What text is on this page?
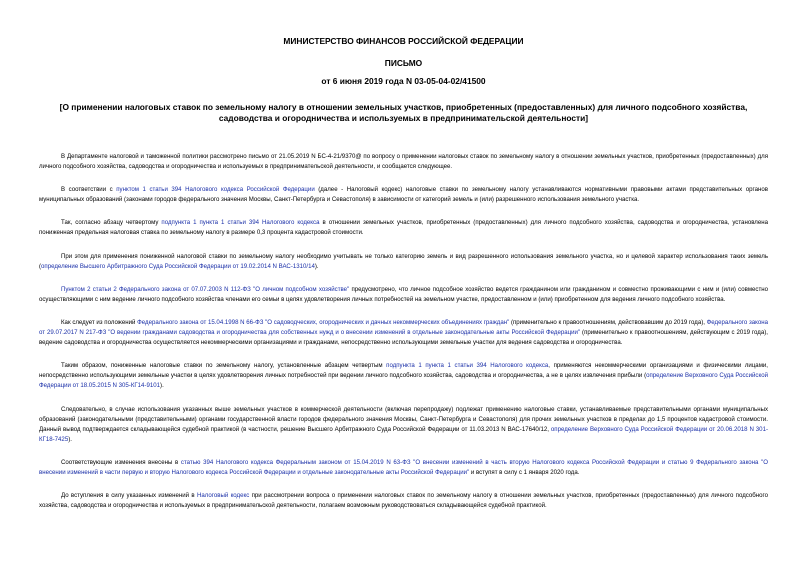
МИНИСТЕРСТВО ФИНАНСОВ РОССИЙСКОЙ ФЕДЕРАЦИИ
ПИСЬМО
от 6 июня 2019 года N 03-05-04-02/41500
[О применении налоговых ставок по земельному налогу в отношении земельных участков, приобретенных (предоставленных) для личного подсобного хозяйства, садоводства и огородничества и используемых в предпринимательской деятельности]

В Департаменте налоговой и таможенной политики рассмотрено письмо от 21.05.2019 N БС-4-21/9370@ по вопросу о применении налоговых ставок по земельному налогу в отношении земельных участков, приобретенных (предоставленных) для личного подсобного хозяйства, садоводства и огородничества и используемых в предпринимательской деятельности, и сообщается следующее.

В соответствии с пунктом 1 статьи 394 Налогового кодекса Российской Федерации (далее - Налоговый кодекс) налоговые ставки по земельному налогу устанавливаются нормативными правовыми актами представительных органов муниципальных образований (законами городов федерального значения Москвы, Санкт-Петербурга и Севастополя) в зависимости от категорий земель и (или) разрешенного использования земельного участка.

Так, согласно абзацу четвертому подпункта 1 пункта 1 статьи 394 Налогового кодекса в отношении земельных участков, приобретенных (предоставленных) для личного подсобного хозяйства, садоводства и огородничества, установлена пониженная предельная налоговая ставка по земельному налогу в размере 0,3 процента кадастровой стоимости.

При этом для применения пониженной налоговой ставки по земельному налогу необходимо учитывать не только категорию земель и вид разрешенного использования земельного участка, но и целевой характер использования таких земель (определение Высшего Арбитражного Суда Российской Федерации от 19.02.2014 N ВАС-1310/14).

Пунктом 2 статьи 2 Федерального закона от 07.07.2003 N 112-ФЗ "О личном подсобном хозяйстве" предусмотрено, что личное подсобное хозяйство ведется гражданином или гражданином и совместно проживающими с ним и (или) совместно осуществляющими с ним ведение личного подсобного хозяйства членами его семьи в целях удовлетворения личных потребностей на земельном участке, предоставленном и (или) приобретенном для ведения личного подсобного хозяйства.

Как следует из положений Федерального закона от 15.04.1998 N 66-ФЗ "О садоводческих, огороднических и дачных некоммерческих объединениях граждан" (применительно к правоотношениям, действовавшим до 2019 года), Федерального закона от 29.07.2017 N 217-ФЗ "О ведении гражданами садоводства и огородничества для собственных нужд и о внесении изменений в отдельные законодательные акты Российской Федерации" (применительно к правоотношениям, действующим с 2019 года), ведение садоводства и огородничества осуществляется некоммерческими организациями и гражданами, непосредственно использующими земельные участки для ведения садоводства и огородничества.

Таким образом, пониженные налоговые ставки по земельному налогу, установленные абзацем четвертым подпункта 1 пункта 1 статьи 394 Налогового кодекса, применяются некоммерческими организациями и физическими лицами, непосредственно использующими земельные участки в целях удовлетворения личных потребностей при ведении личного подсобного хозяйства, садоводства и огородничества, а не в целях извлечения прибыли (определение Верховного Суда Российской Федерации от 18.05.2015 N 305-КГ14-9101).

Следовательно, в случае использования указанных выше земельных участков в коммерческой деятельности (включая перепродажу) подлежат применению налоговые ставки, устанавливаемые представительными органами муниципальных образований (законодательными (представительными) органами государственной власти городов федерального значения Москвы, Санкт-Петербурга и Севастополя) для прочих земельных участков в пределах до 1,5 процентов кадастровой стоимости. Данный вывод подтверждается складывающейся судебной практикой (в частности, решение Высшего Арбитражного Суда Российской Федерации от 11.03.2013 N ВАС-17640/12, определение Верховного Суда Российской Федерации от 20.06.2018 N 301-КГ18-7425).

Соответствующие изменения внесены в статью 394 Налогового кодекса Федеральным законом от 15.04.2019 N 63-ФЗ "О внесении изменений в часть вторую Налогового кодекса Российской Федерации и статью 9 Федерального закона "О внесении изменений в части первую и вторую Налогового кодекса Российской Федерации и отдельные законодательные акты Российской Федерации" и вступят в силу с 1 января 2020 года.

До вступления в силу указанных изменений в Налоговый кодекс при рассмотрении вопроса о применении налоговых ставок по земельному налогу в отношении земельных участков, приобретенных (предоставленных) для личного подсобного хозяйства, садоводства и огородничества и используемых в предпринимательской деятельности, полагаем возможным руководствоваться складывающейся судебной практикой.
